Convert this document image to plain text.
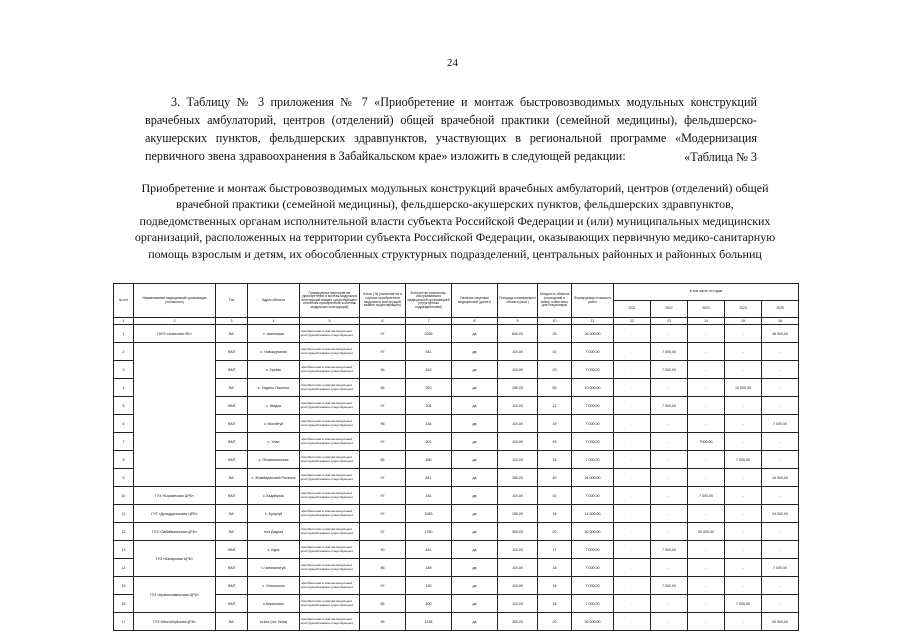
24
3. Таблицу № 3 приложения № 7 «Приобретение и монтаж быстровозводимых модульных конструкций врачебных амбулаторий, центров (отделений) общей врачебной практики (семейной медицины), фельдшерско-акушерских пунктов, фельдшерских здравпунктов, участвующих в региональной программе «Модернизация первичного звена здравоохранения в Забайкальском крае» изложить в следующей редакции:	«Таблица № 3
Приобретение и монтаж быстровозводимых модульных конструкций врачебных амбулаторий, центров (отделений) общей врачебной практики (семейной медицины), фельдшерско-акушерских пунктов, фельдшерских здравпунктов, подведомственных органам исполнительной власти субъекта Российской Федерации и (или) муниципальных медицинских организаций, расположенных на территории субъекта Российской Федерации, оказывающих первичную медико-санитарную помощь взрослым и детям, их обособленных структурных подразделений, центральных районных и районных больниц
№ п/п	Наименование медицинской организации (полностью)	Тип	Адрес объекта	Планируемое мероприятие (приобретение и монтаж модульных конструкций взамен существующего или вновь приобретение и монтаж модульных конструкций)	Износ (%) (заполняется в случаях приобретения модульных конструкций взамен существующего)	Количество населения, обслуживаемого медицинской организацией (структурным подразделением)	Наличие лицензии медицинской (да/нет)	Площадь планируемого объекта (кв.м.)	Мощность объекта (посещений в смену, койко-мест для стационара)	Планируемая стоимость работ	в том числе по годам				
											2021	2022	2023	2024	2025
1	2	3	4	5	6	7	8	9	10	11	12	13	14	15	16
1	ГАУЗ «Агинская ОБ»	ВА	с. Амитхаша	приобретение и монтаж модульных конструкций взамен существующего	97	2265	да	600,00	25	36 000,00	-	-	-	-	36 000,00
2		ФАП	с. Новокургатай	приобретение и монтаж модульных конструкций взамен существующего	97	541	да	110,00	10	7 000,00	-	7 000,00	-	-	-
3		ФАП	с. Урейск	приобретение и монтаж модульных конструкций взамен существующего	96	819	да	110,00	20	7 000,00	-	7 000,00	-	-	-
4		ВА	с. Ундино-Поселье	приобретение и монтаж модульных конструкций взамен существующего	96	920	да	150,00	65	10 000,00	-	-	-	10 000,00	-
5		ФАП	с. Жидка	приобретение и монтаж модульных конструкций взамен существующего	97	204	да	110,00	12	7 000,00	-	7 000,00	-	-	-
6		ФАП	с. Могойтуй	приобретение и монтаж модульных конструкций взамен существующего	96	164	да	110,00	19	7 000,00	-	-	-	-	7 000,00
7		ФАП	с. Улан	приобретение и монтаж модульных конструкций взамен существующего	97	601	да	110,00	45	7 000,00	-	-	7000,00	-	-
8		ФАП	с. Оловяннинская	приобретение и монтаж модульных конструкций взамен существующего	85	480	да	110,00	15	7 000,00	-	-	-	7 000,00	-
9		ВА	с. Жимбиринский Поселок	приобретение и монтаж модульных конструкций взамен существующего	97	841	да	150,00	40	16 000,00	-	-	-	-	16 000,00
10	ГУЗ «Борзинская ЦРБ»	ФАП	с.Хадабулак	приобретение и монтаж модульных конструкций взамен существующего	97	181	да	110,00	10	7 000,00	-	-	7 000,00	-	-
11	ГУЗ «Дульдургинская ЦРБ»	ВА	с. Бусулуй	приобретение и монтаж модульных конструкций взамен существующего	97	1083	да	150,00	18	14 000,00	-	-	-	-	14 000,00
12	ГУЗ «Забайкальская ЦРБ»	ВА	п/ст Даурия	приобретение и монтаж модульных конструкций взамен существующего	97	1760	да	300,00	20	30 000,00	-	-	30 000,00	-	-
13	ГУЗ «Каларская ЦРБ»	ФАП	с. Бура	приобретение и монтаж модульных конструкций взамен существующего	90	441	да	110,00	17	7 000,00	-	7 000,00	-	-	-
14		ФАП	с.Чинагалатуй	приобретение и монтаж модульных конструкций взамен существующего	86	189	да	110,00	18	7 000,00	-	-	-	-	7 000,00
15	ГУЗ «Краснокаменская ЦРБ»	ФАП	с. Оннонъкон	приобретение и монтаж модульных конструкций взамен существующего	97	130	да	110,00	18	7 000,00	-	7 000,00	-	-	-
16		ФАП	с.Кирюткано	приобретение и монтаж модульных конструкций взамен существующего	85	400	да	110,00	18	7 000,00	-	-	-	7 000,00	-
17	ГУЗ «Могойтуйская ЦРБ»	ВА	ст.Ага (пгт Хила)	приобретение и монтаж модульных конструкций взамен существующего	95	1138	да	300,00	20	30 000,00	-	-	-	-	30 000,00
